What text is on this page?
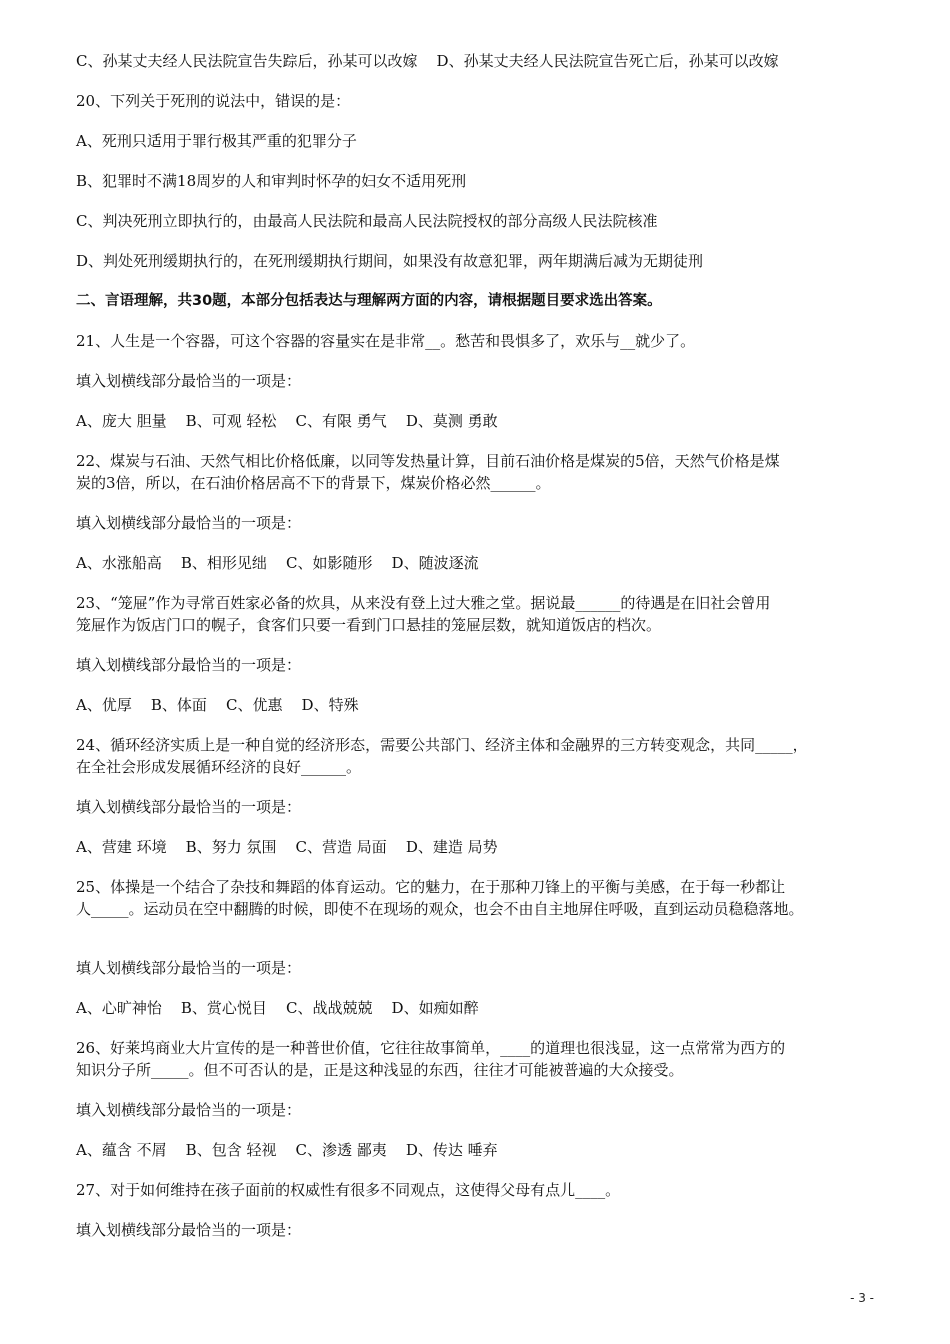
C、孙某丈夫经人民法院宣告失踪后，孙某可以改嫁    D、孙某丈夫经人民法院宣告死亡后，孙某可以改嫁

20、下列关于死刑的说法中，错误的是：

A、死刑只适用于罪行极其严重的犯罪分子

B、犯罪时不满18周岁的人和审判时怀孕的妇女不适用死刑

C、判决死刑立即执行的，由最高人民法院和最高人民法院授权的部分高级人民法院核准

D、判处死刑缓期执行的，在死刑缓期执行期间，如果没有故意犯罪，两年期满后减为无期徒刑

二、言语理解，共30题，本部分包括表达与理解两方面的内容，请根据题目要求选出答案。

21、人生是一个容器，可这个容器的容量实在是非常__。愁苦和畏惧多了，欢乐与__就少了。

填入划横线部分最恰当的一项是：

A、庞大 胆量    B、可观 轻松    C、有限 勇气    D、莫测 勇敢

22、煤炭与石油、天然气相比价格低廉，以同等发热量计算，目前石油价格是煤炭的5倍，天然气价格是煤

炭的3倍，所以，在石油价格居高不下的背景下，煤炭价格必然______。

填入划横线部分最恰当的一项是：

A、水涨船高    B、相形见绌    C、如影随形    D、随波逐流

23、“笼屉”作为寻常百姓家必备的炊具，从来没有登上过大雅之堂。据说最______的待遇是在旧社会曾用

笼屉作为饭店门口的幌子，食客们只要一看到门口悬挂的笼屉层数，就知道饭店的档次。

填入划横线部分最恰当的一项是：

A、优厚    B、体面    C、优惠    D、特殊

24、循环经济实质上是一种自觉的经济形态，需要公共部门、经济主体和金融界的三方转变观念，共同_____，

在全社会形成发展循环经济的良好______。

填入划横线部分最恰当的一项是：

A、营建 环境    B、努力 氛围    C、营造 局面    D、建造 局势

25、体操是一个结合了杂技和舞蹈的体育运动。它的魅力，在于那种刀锋上的平衡与美感，在于每一秒都让

人_____。运动员在空中翻腾的时候，即使不在现场的观众，也会不由自主地屏住呼吸，直到运动员稳稳落地。

填人划横线部分最恰当的一项是：

A、心旷神怡    B、赏心悦目    C、战战兢兢    D、如痴如醉

26、好莱坞商业大片宣传的是一种普世价值，它往往故事简单，____的道理也很浅显，这一点常常为西方的

知识分子所_____。但不可否认的是，正是这种浅显的东西，往往才可能被普遍的大众接受。

填入划横线部分最恰当的一项是：

A、蕴含 不屑    B、包含 轻视    C、渗透 鄙夷    D、传达 唾弃

27、对于如何维持在孩子面前的权威性有很多不同观点，这使得父母有点儿____。

填入划横线部分最恰当的一项是：

- 3 -
